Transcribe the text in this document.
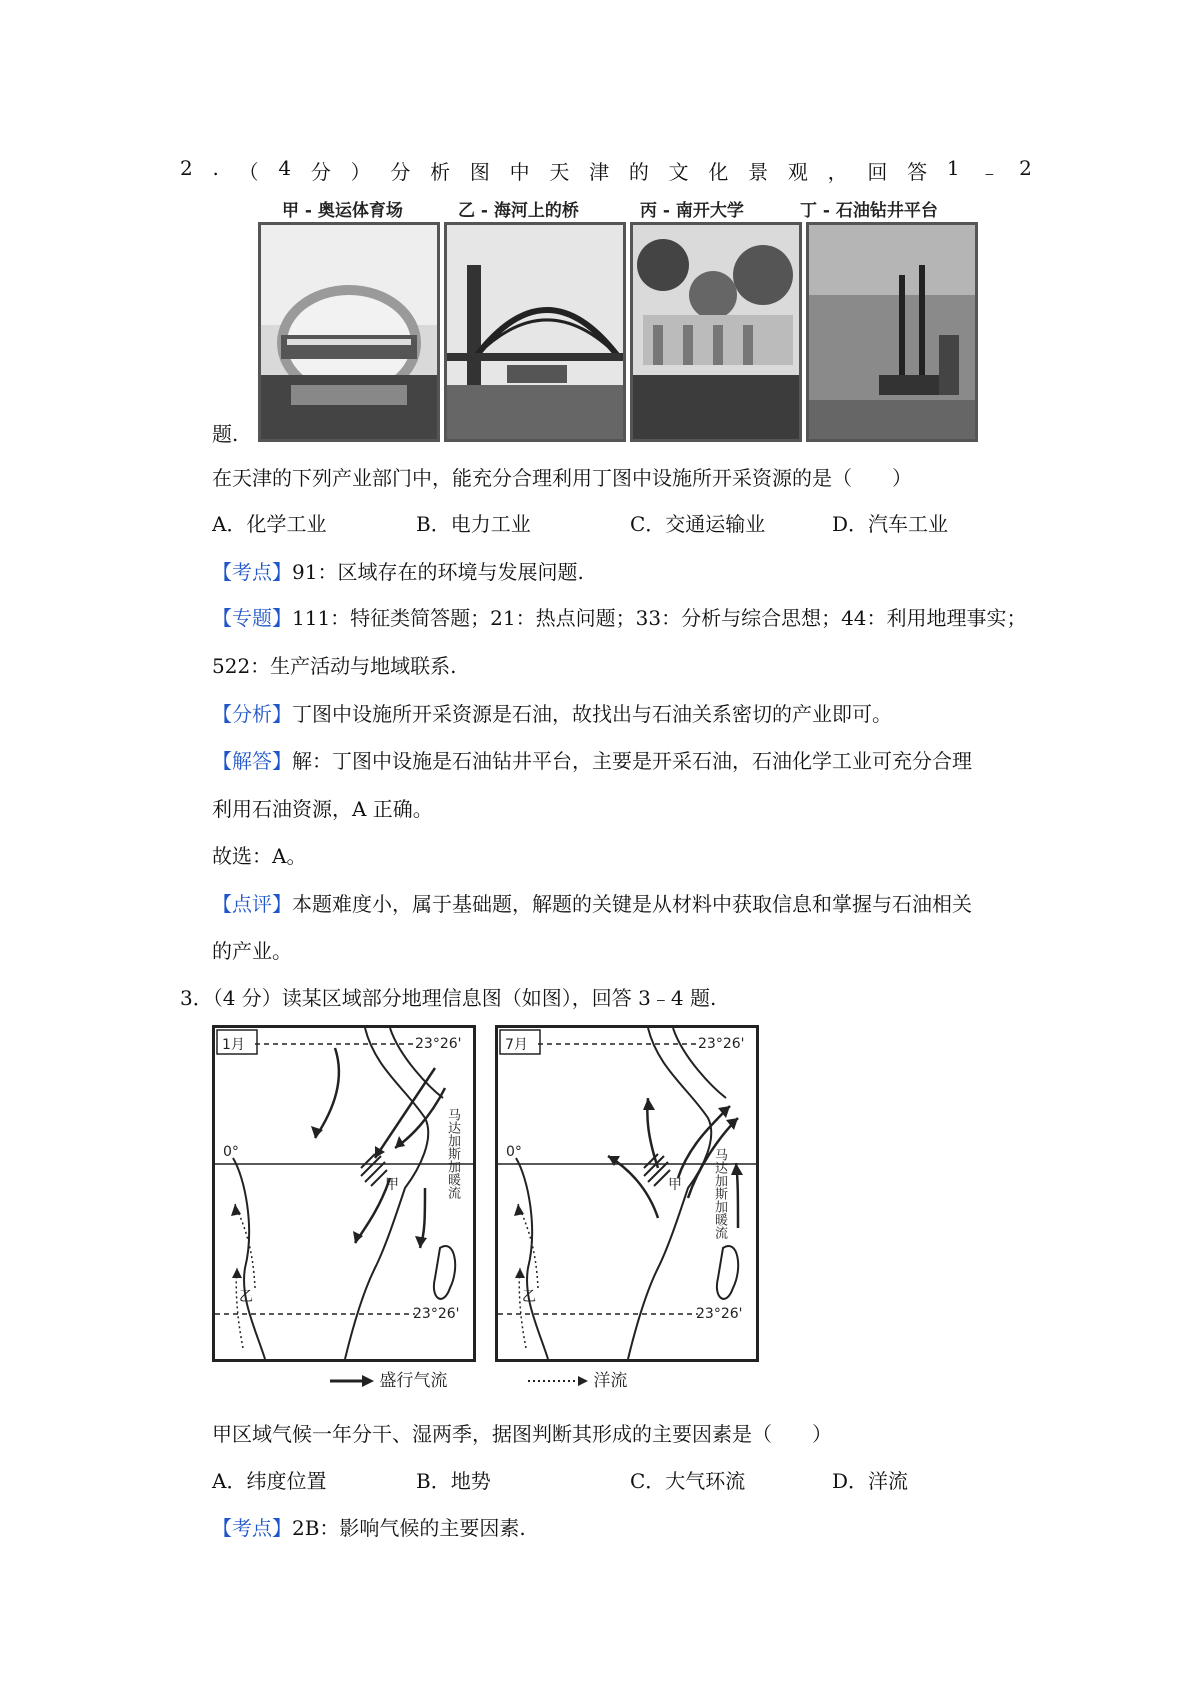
2 . （ 4 分 ） 分 析 图 中 天 津 的 文 化 景 观 ， 回 答 1 ﹣ 2
甲 - 奥运体育场	乙 - 海河上的桥	丙 - 南开大学	丁 - 石油钻井平台
题.
在天津的下列产业部门中，能充分合理利用丁图中设施所开采资源的是（　　）
A．化学工业	B．电力工业	C．交通运输业	D．汽车工业
【考点】91：区域存在的环境与发展问题.
【专题】111：特征类简答题；21：热点问题；33：分析与综合思想；44：利用地理事实；
522：生产活动与地域联系.
【分析】丁图中设施所开采资源是石油，故找出与石油关系密切的产业即可。
【解答】解：丁图中设施是石油钻井平台，主要是开采石油，石油化学工业可充分合理
利用石油资源，A 正确。
故选：A。
【点评】本题难度小，属于基础题，解题的关键是从材料中获取信息和掌握与石油相关
的产业。
3．（4 分）读某区域部分地理信息图（如图），回答 3﹣4 题.
1月	23°26'
0°
甲
乙
23°26'
马达加斯加暖流
7月	23°26'
0°
甲
乙
23°26'
马达加斯加暖流
盛行气流	洋流
甲区域气候一年分干、湿两季，据图判断其形成的主要因素是（　　）
A．纬度位置	B．地势	C．大气环流	D．洋流
【考点】2B：影响气候的主要因素.
